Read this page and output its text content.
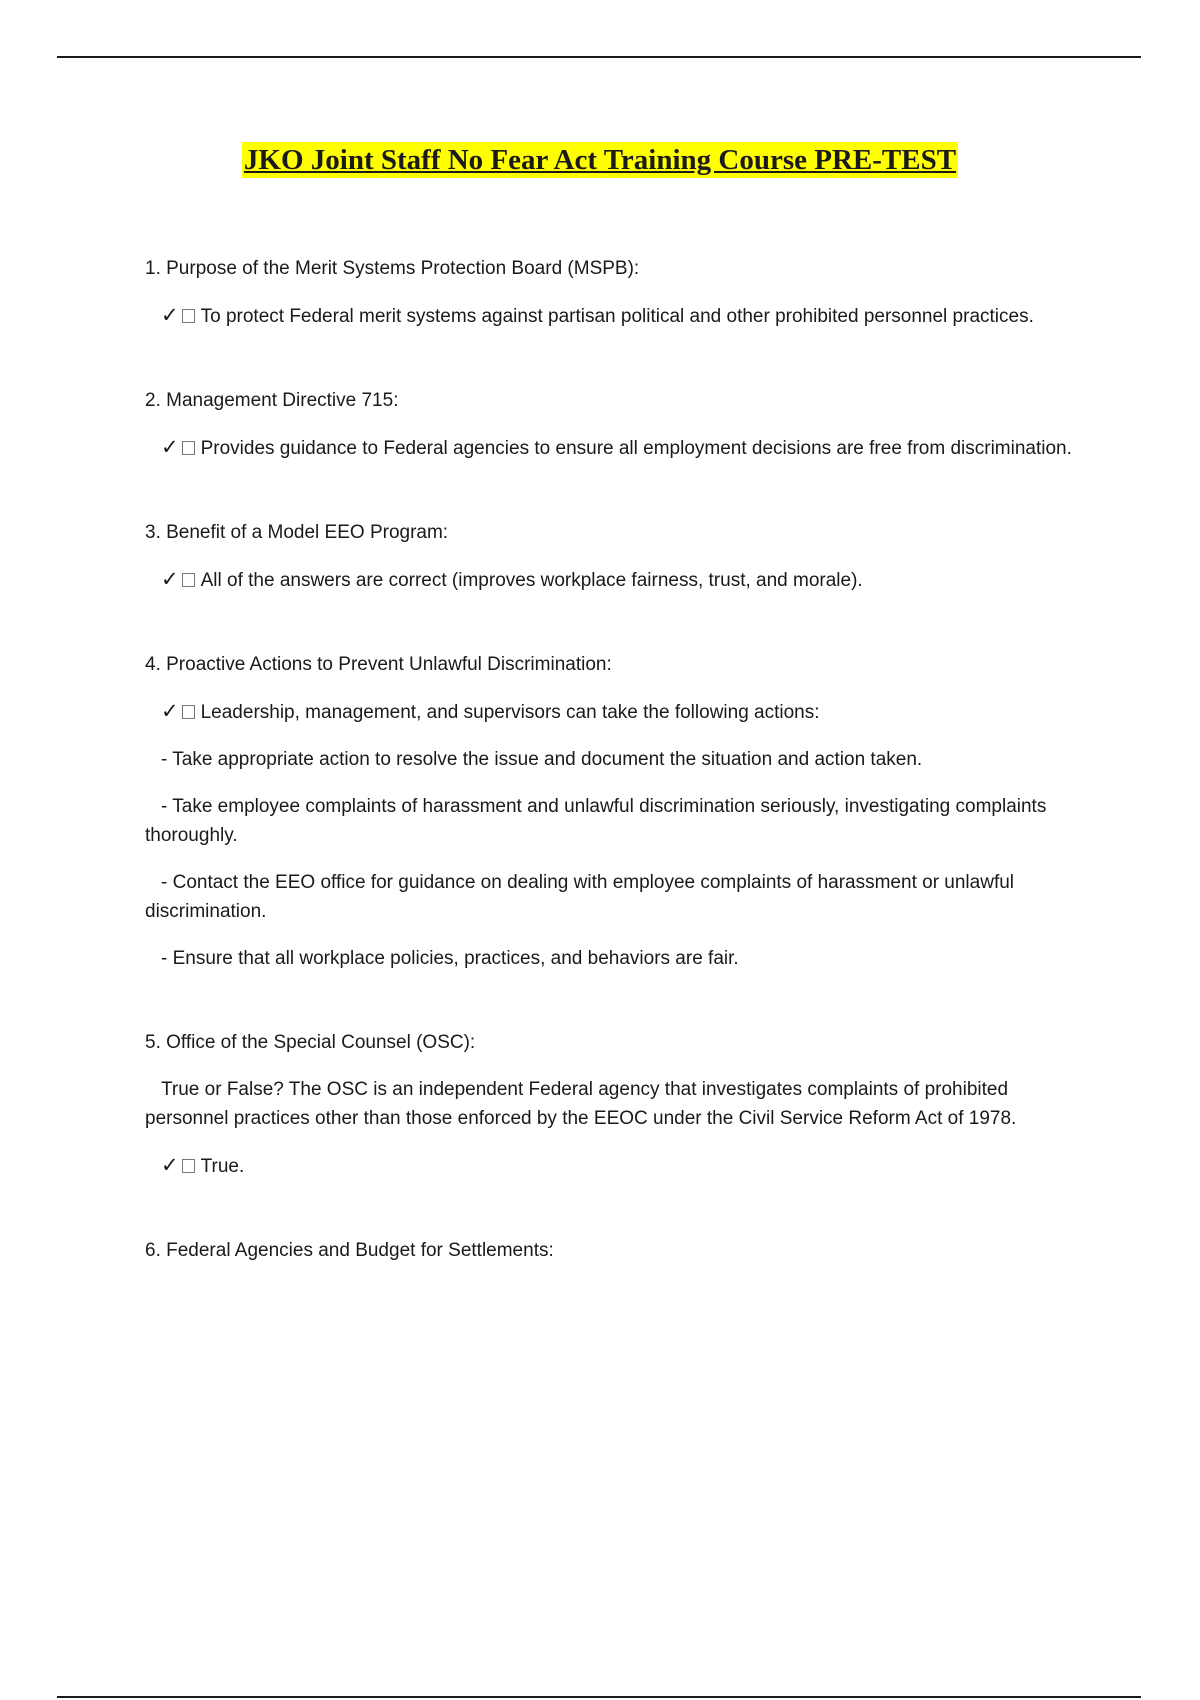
JKO Joint Staff No Fear Act Training Course PRE-TEST

1. Purpose of the Merit Systems Protection Board (MSPB):

✓ To protect Federal merit systems against partisan political and other prohibited personnel practices.

2. Management Directive 715:

✓ Provides guidance to Federal agencies to ensure all employment decisions are free from discrimination.

3. Benefit of a Model EEO Program:

✓ All of the answers are correct (improves workplace fairness, trust, and morale).

4. Proactive Actions to Prevent Unlawful Discrimination:

✓ Leadership, management, and supervisors can take the following actions:

- Take appropriate action to resolve the issue and document the situation and action taken.

- Take employee complaints of harassment and unlawful discrimination seriously, investigating complaints thoroughly.

- Contact the EEO office for guidance on dealing with employee complaints of harassment or unlawful discrimination.

- Ensure that all workplace policies, practices, and behaviors are fair.

5. Office of the Special Counsel (OSC):

True or False? The OSC is an independent Federal agency that investigates complaints of prohibited personnel practices other than those enforced by the EEOC under the Civil Service Reform Act of 1978.

✓ True.

6. Federal Agencies and Budget for Settlements:
